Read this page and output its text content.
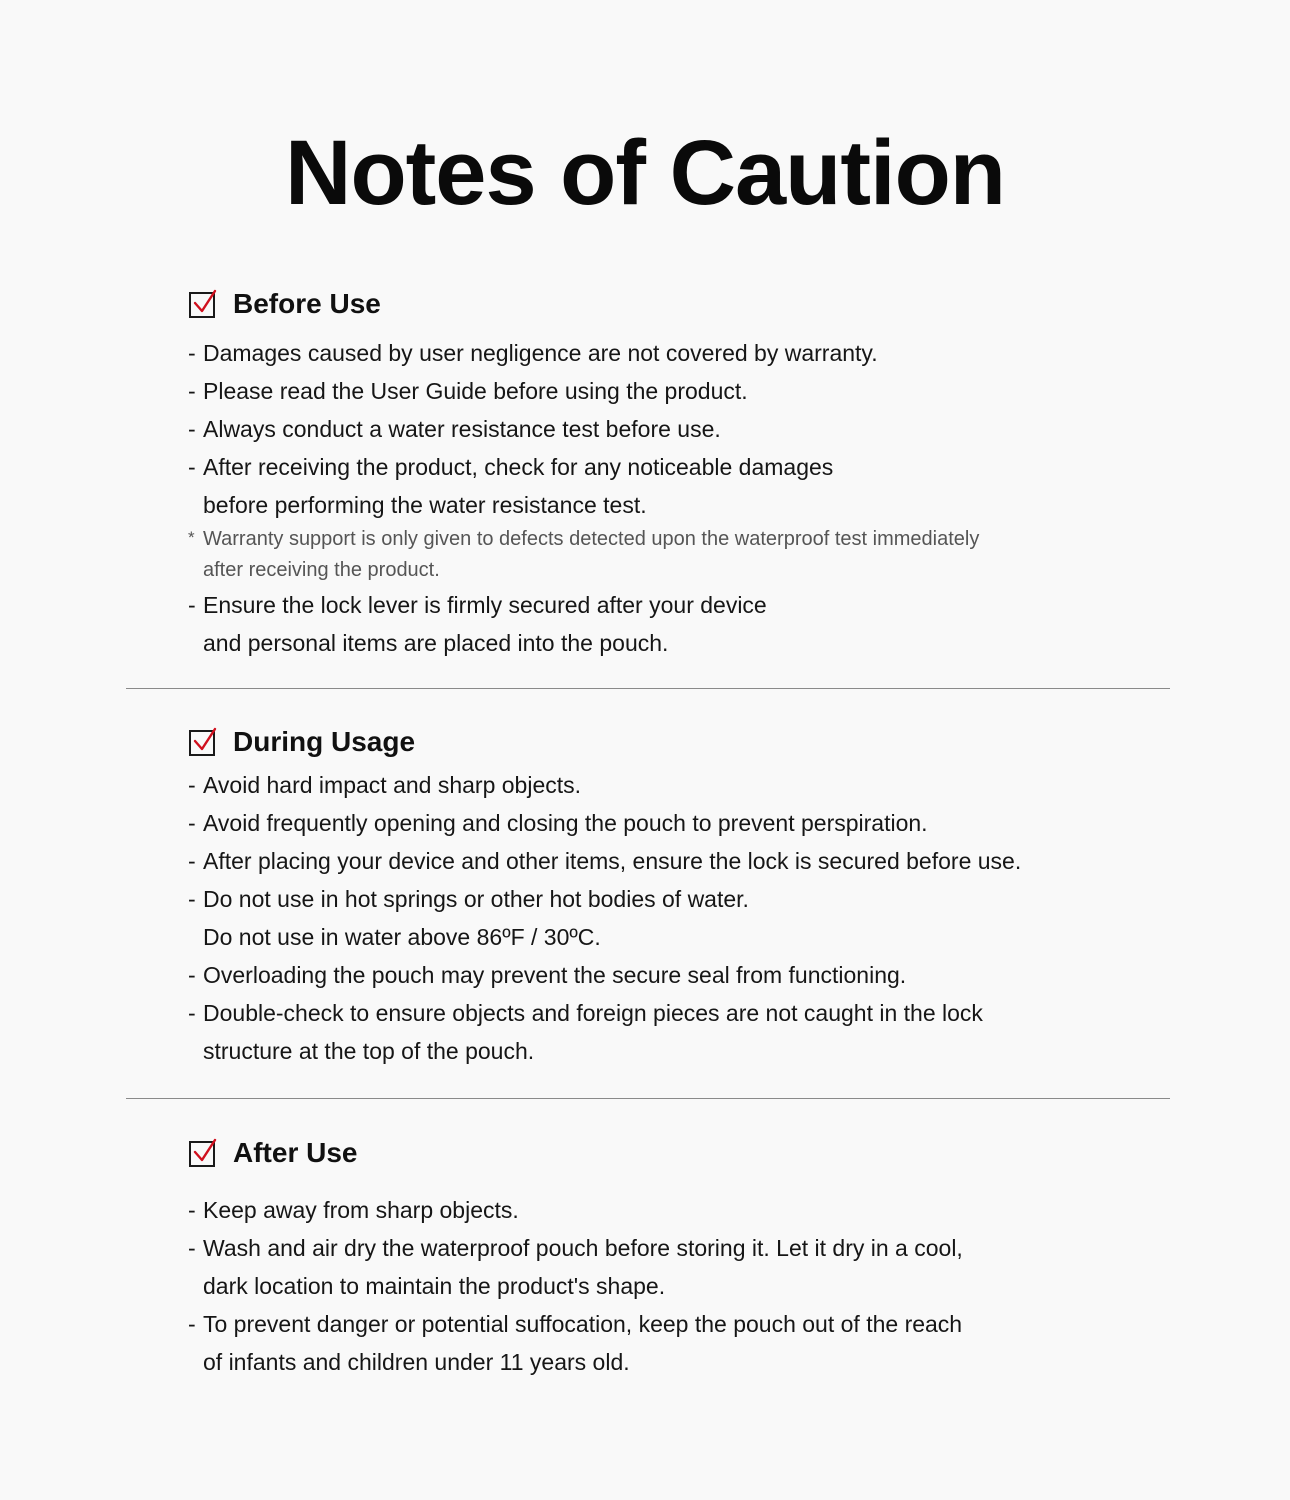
Notes of Caution
Before Use
- Damages caused by user negligence are not covered by warranty.
- Please read the User Guide before using the product.
- Always conduct a water resistance test before use.
- After receiving the product, check for any noticeable damages
before performing the water resistance test.
* Warranty support is only given to defects detected upon the waterproof test immediately
after receiving the product.
- Ensure the lock lever is firmly secured after your device
and personal items are placed into the pouch.
During Usage
- Avoid hard impact and sharp objects.
- Avoid frequently opening and closing the pouch to prevent perspiration.
- After placing your device and other items, ensure the lock is secured before use.
- Do not use in hot springs or other hot bodies of water.
Do not use in water above 86ºF / 30ºC.
- Overloading the pouch may prevent the secure seal from functioning.
- Double-check to ensure objects and foreign pieces are not caught in the lock
structure at the top of the pouch.
After Use
- Keep away from sharp objects.
- Wash and air dry the waterproof pouch before storing it. Let it dry in a cool,
dark location to maintain the product's shape.
- To prevent danger or potential suffocation, keep the pouch out of the reach
of infants and children under 11 years old.
